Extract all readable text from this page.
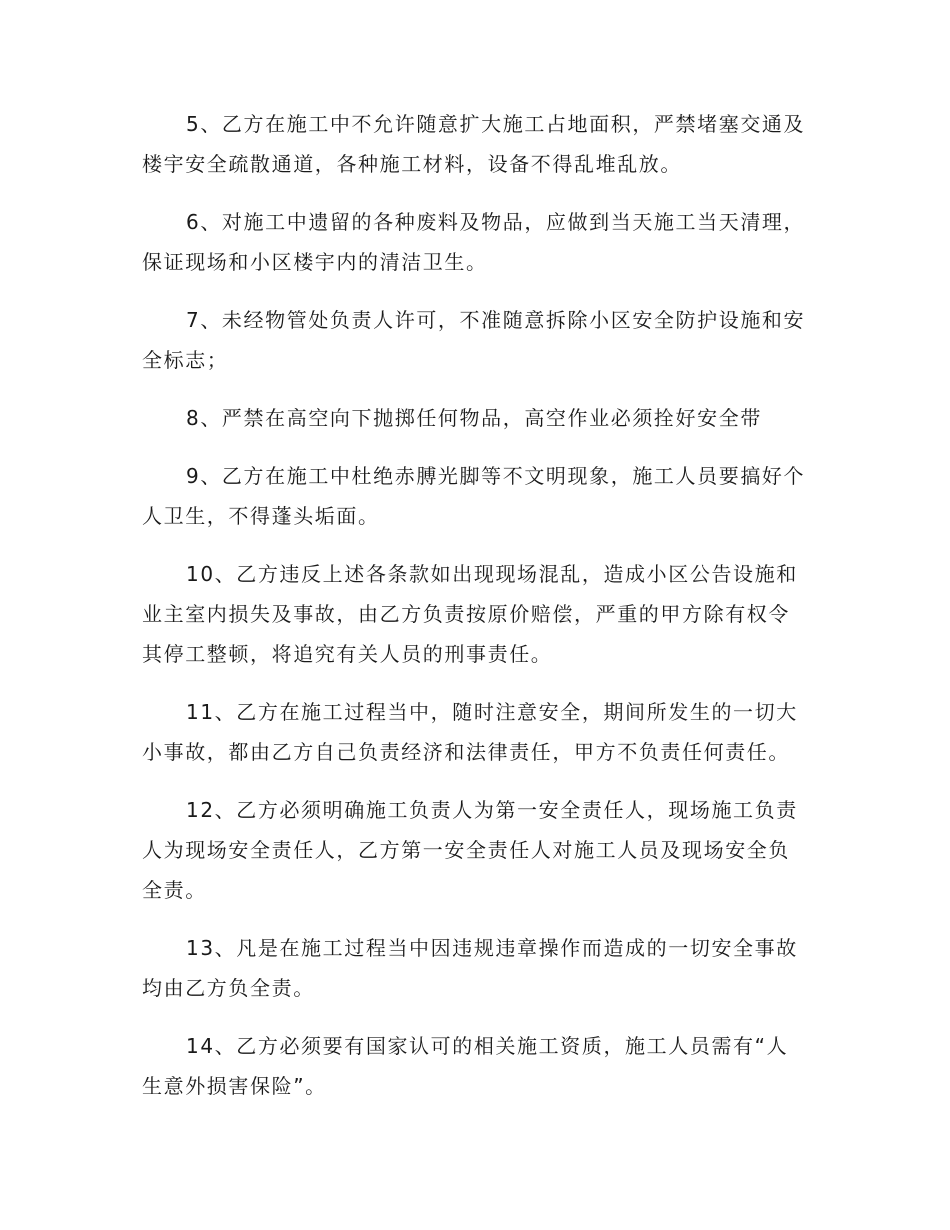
5、乙方在施工中不允许随意扩大施工占地面积，严禁堵塞交通及
楼宇安全疏散通道，各种施工材料，设备不得乱堆乱放。

6、对施工中遗留的各种废料及物品，应做到当天施工当天清理，
保证现场和小区楼宇内的清洁卫生。

7、未经物管处负责人许可，不准随意拆除小区安全防护设施和安
全标志；

8、严禁在高空向下抛掷任何物品，高空作业必须拴好安全带

9、乙方在施工中杜绝赤膊光脚等不文明现象，施工人员要搞好个
人卫生，不得蓬头垢面。

10、乙方违反上述各条款如出现现场混乱，造成小区公告设施和
业主室内损失及事故，由乙方负责按原价赔偿，严重的甲方除有权令
其停工整顿，将追究有关人员的刑事责任。

11、乙方在施工过程当中，随时注意安全，期间所发生的一切大
小事故，都由乙方自己负责经济和法律责任，甲方不负责任何责任。

12、乙方必须明确施工负责人为第一安全责任人，现场施工负责
人为现场安全责任人，乙方第一安全责任人对施工人员及现场安全负
全责。

13、凡是在施工过程当中因违规违章操作而造成的一切安全事故
均由乙方负全责。

14、乙方必须要有国家认可的相关施工资质，施工人员需有“人
生意外损害保险”。
